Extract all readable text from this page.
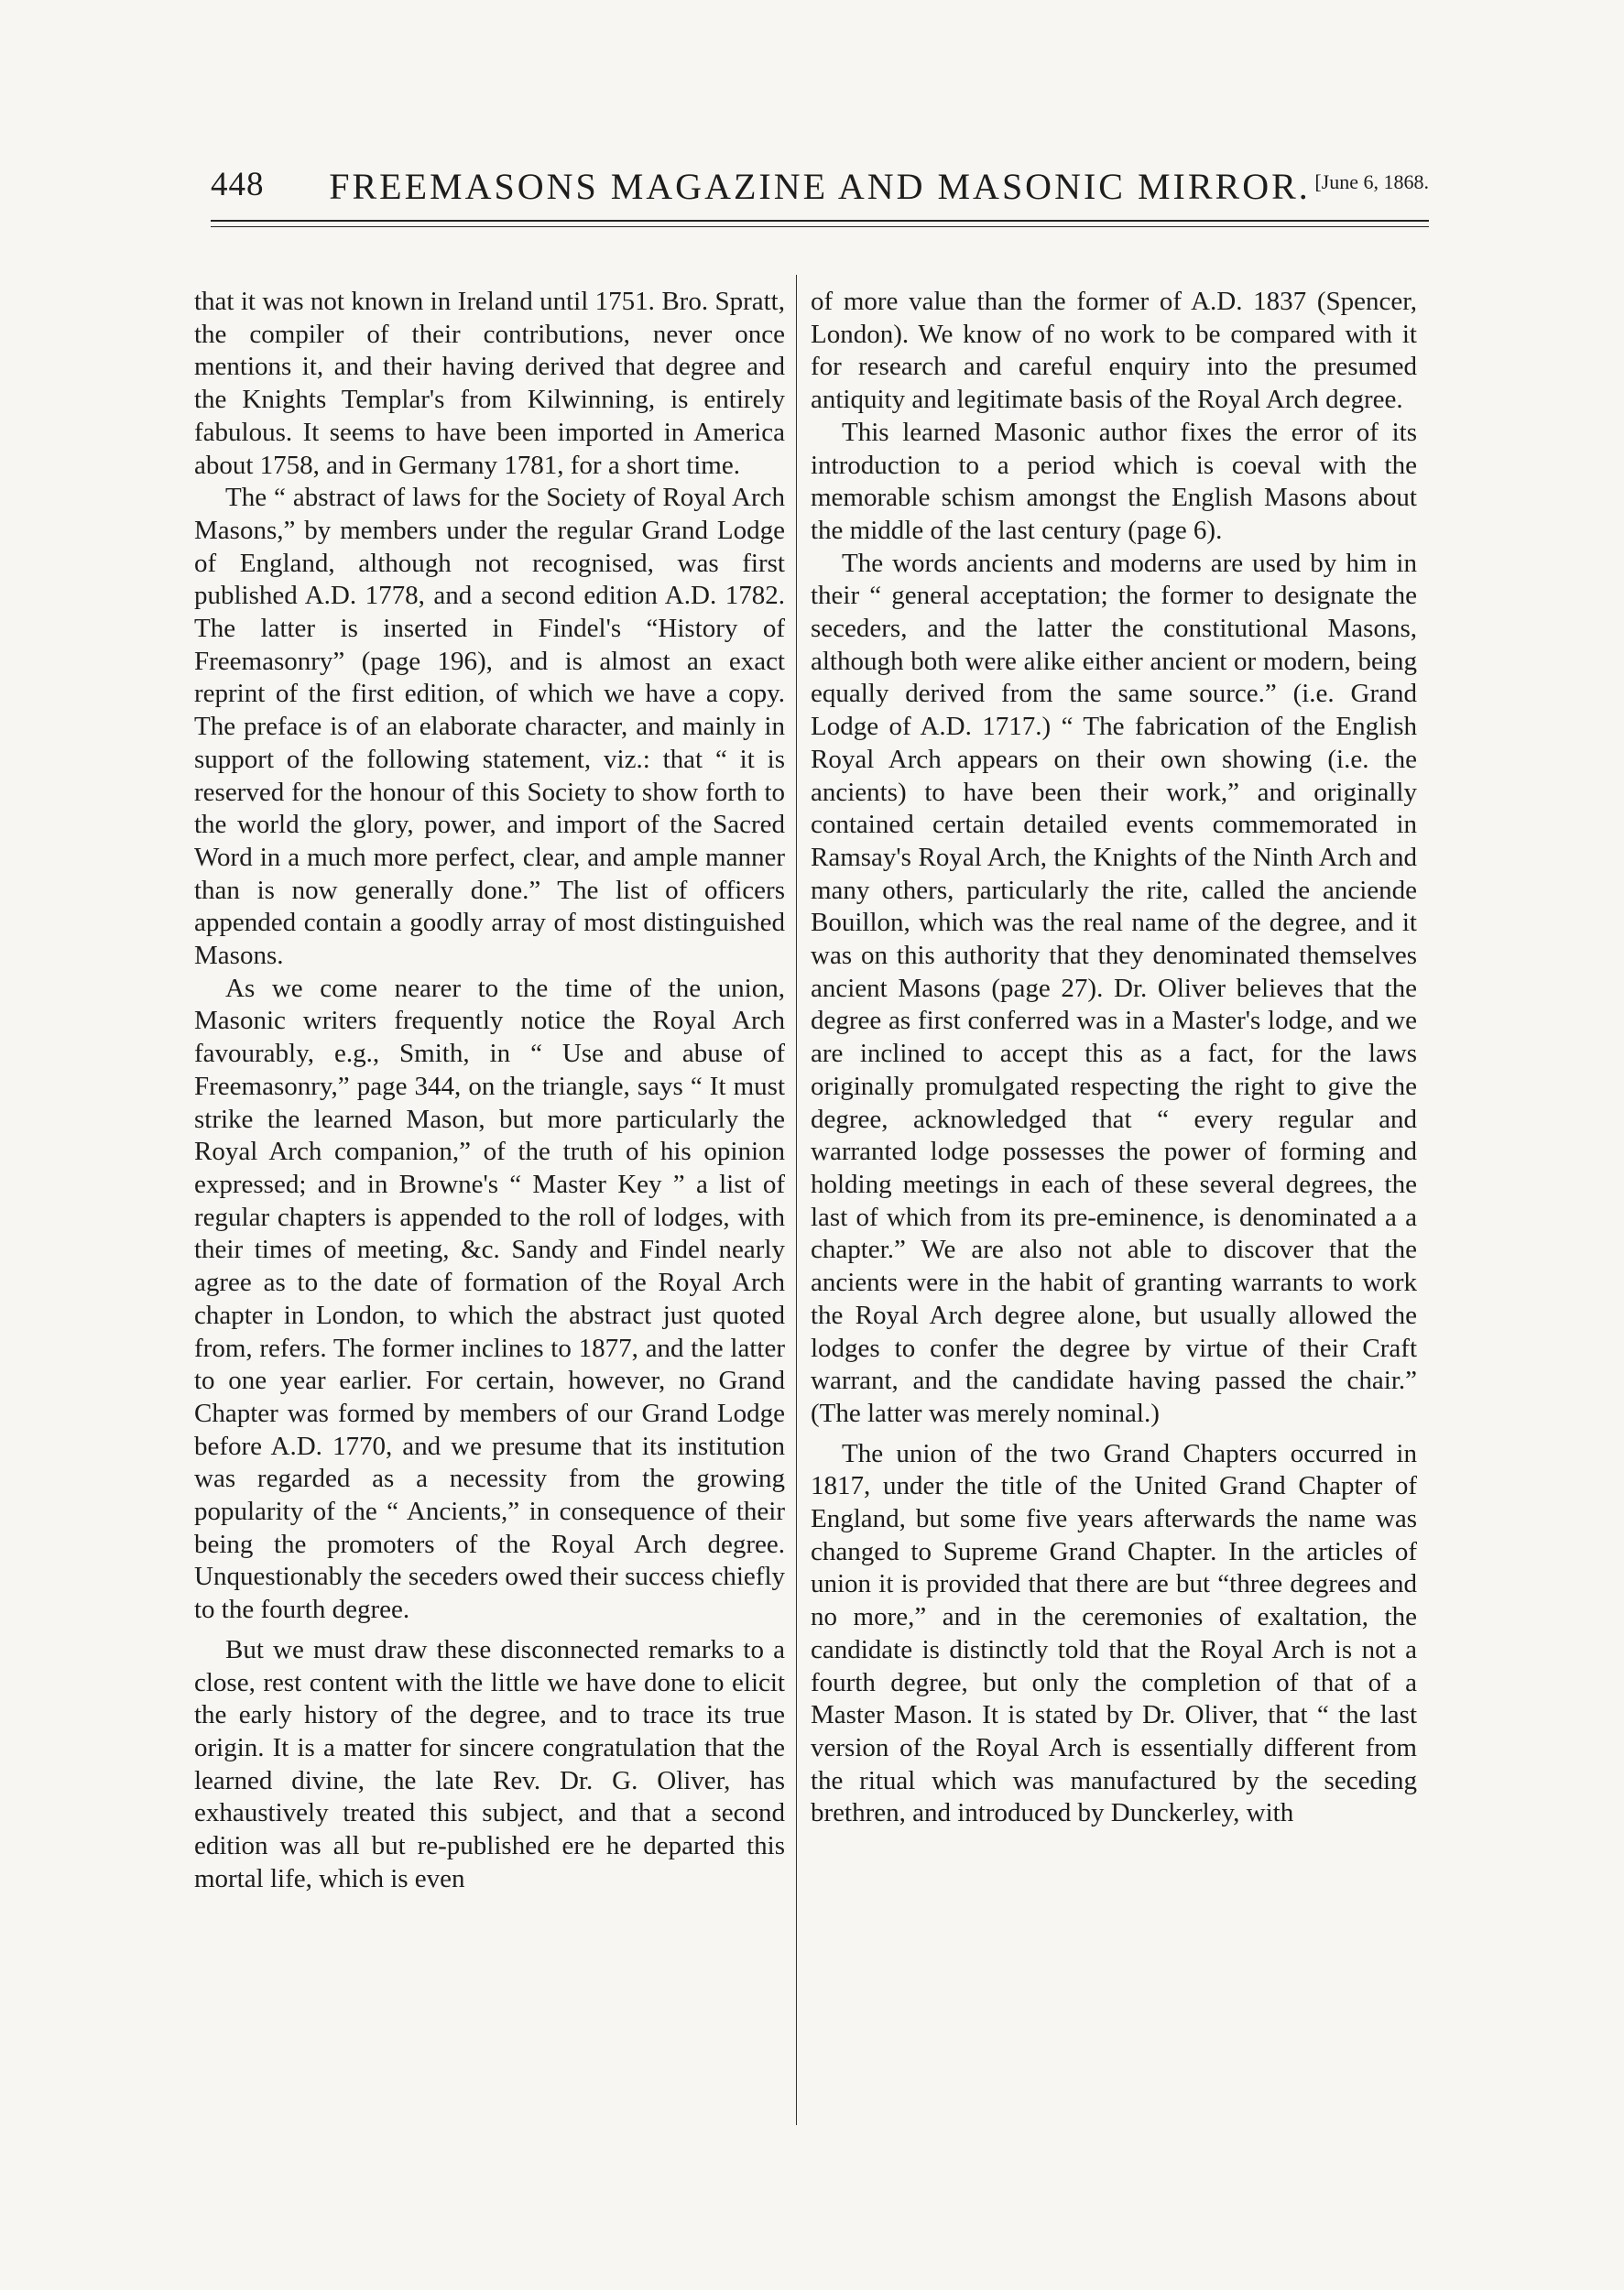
448	FREEMASONS MAGAZINE AND MASONIC MIRROR. [June 6, 1868.

that it was not known in Ireland until 1751. Bro. Spratt, the compiler of their contributions, never once mentions it, and their having derived that degree and the Knights Templar's from Kilwinning, is entirely fabulous. It seems to have been imported in America about 1758, and in Germany 1781, for a short time.

The “ abstract of laws for the Society of Royal Arch Masons,” by members under the regular Grand Lodge of England, although not recognised, was first published A.D. 1778, and a second edition A.D. 1782. The latter is inserted in Findel's “History of Freemasonry” (page 196), and is almost an exact reprint of the first edition, of which we have a copy. The preface is of an elaborate character, and mainly in support of the following statement, viz.: that “ it is reserved for the honour of this Society to show forth to the world the glory, power, and import of the Sacred Word in a much more perfect, clear, and ample manner than is now generally done.” The list of officers appended contain a goodly array of most distinguished Masons.

As we come nearer to the time of the union, Masonic writers frequently notice the Royal Arch favourably, e.g., Smith, in “ Use and abuse of Freemasonry,” page 344, on the triangle, says “ It must strike the learned Mason, but more particularly the Royal Arch companion,” of the truth of his opinion expressed; and in Browne's “ Master Key ” a list of regular chapters is appended to the roll of lodges, with their times of meeting, &c. Sandy and Findel nearly agree as to the date of formation of the Royal Arch chapter in London, to which the abstract just quoted from, refers. The former inclines to 1877, and the latter to one year earlier. For certain, however, no Grand Chapter was formed by members of our Grand Lodge before A.D. 1770, and we presume that its institution was regarded as a necessity from the growing popularity of the “ Ancients,” in consequence of their being the promoters of the Royal Arch degree. Unquestionably the seceders owed their success chiefly to the fourth degree.

But we must draw these disconnected remarks to a close, rest content with the little we have done to elicit the early history of the degree, and to trace its true origin. It is a matter for sincere congratulation that the learned divine, the late Rev. Dr. G. Oliver, has exhaustively treated this subject, and that a second edition was all but re-published ere he departed this mortal life, which is even

of more value than the former of A.D. 1837 (Spencer, London). We know of no work to be compared with it for research and careful enquiry into the presumed antiquity and legitimate basis of the Royal Arch degree.

This learned Masonic author fixes the error of its introduction to a period which is coeval with the memorable schism amongst the English Masons about the middle of the last century (page 6).

The words ancients and moderns are used by him in their “ general acceptation; the former to designate the seceders, and the latter the constitutional Masons, although both were alike either ancient or modern, being equally derived from the same source.” (i.e. Grand Lodge of A.D. 1717.) “ The fabrication of the English Royal Arch appears on their own showing (i.e. the ancients) to have been their work,” and originally contained certain detailed events commemorated in Ramsay's Royal Arch, the Knights of the Ninth Arch and many others, particularly the rite, called the anciende Bouillon, which was the real name of the degree, and it was on this authority that they denominated themselves ancient Masons (page 27). Dr. Oliver believes that the degree as first conferred was in a Master's lodge, and we are inclined to accept this as a fact, for the laws originally promulgated respecting the right to give the degree, acknowledged that “ every regular and warranted lodge possesses the power of forming and holding meetings in each of these several degrees, the last of which from its pre-eminence, is denominated a a chapter.” We are also not able to discover that the ancients were in the habit of granting warrants to work the Royal Arch degree alone, but usually allowed the lodges to confer the degree by virtue of their Craft warrant, and the candidate having passed the chair.” (The latter was merely nominal.)

The union of the two Grand Chapters occurred in 1817, under the title of the United Grand Chapter of England, but some five years afterwards the name was changed to Supreme Grand Chapter. In the articles of union it is provided that there are but “three degrees and no more,” and in the ceremonies of exaltation, the candidate is distinctly told that the Royal Arch is not a fourth degree, but only the completion of that of a Master Mason. It is stated by Dr. Oliver, that “ the last version of the Royal Arch is essentially different from the ritual which was manufactured by the seceding brethren, and introduced by Dunckerley, with
